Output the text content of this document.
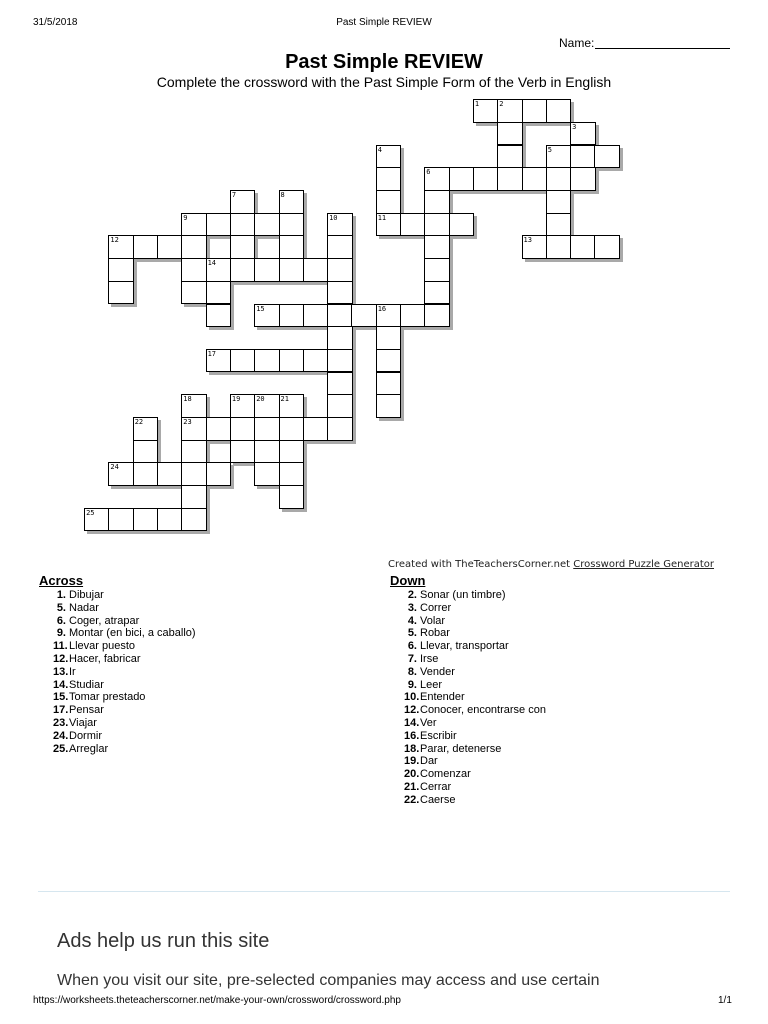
31/5/2018	Past Simple REVIEW
Name:
Past Simple REVIEW
Complete the crossword with the Past Simple Form of the Verb in English
1	2
3
4	5
6
7	8
9	10	11
12	13
14
15	16
17
18	19 20 21
22	23
24
25
Created with TheTeachersCorner.net Crossword Puzzle Generator
Across
1. Dibujar
5. Nadar
6. Coger, atrapar
9. Montar (en bici, a caballo)
11.Llevar puesto
12.Hacer, fabricar
13.Ir
14.Studiar
15.Tomar prestado
17.Pensar
23.Viajar
24.Dormir
25.Arreglar
Down
2. Sonar (un timbre)
3. Correr
4. Volar
5. Robar
6. Llevar, transportar
7. Irse
8. Vender
9. Leer
10.Entender
12.Conocer, encontrarse con
14.Ver
16.Escribir
18.Parar, detenerse
19.Dar
20.Comenzar
21.Cerrar
22.Caerse
Ads help us run this site
When you visit our site, pre-selected companies may access and use certain
https://worksheets.theteacherscorner.net/make-your-own/crossword/crossword.php	1/1
